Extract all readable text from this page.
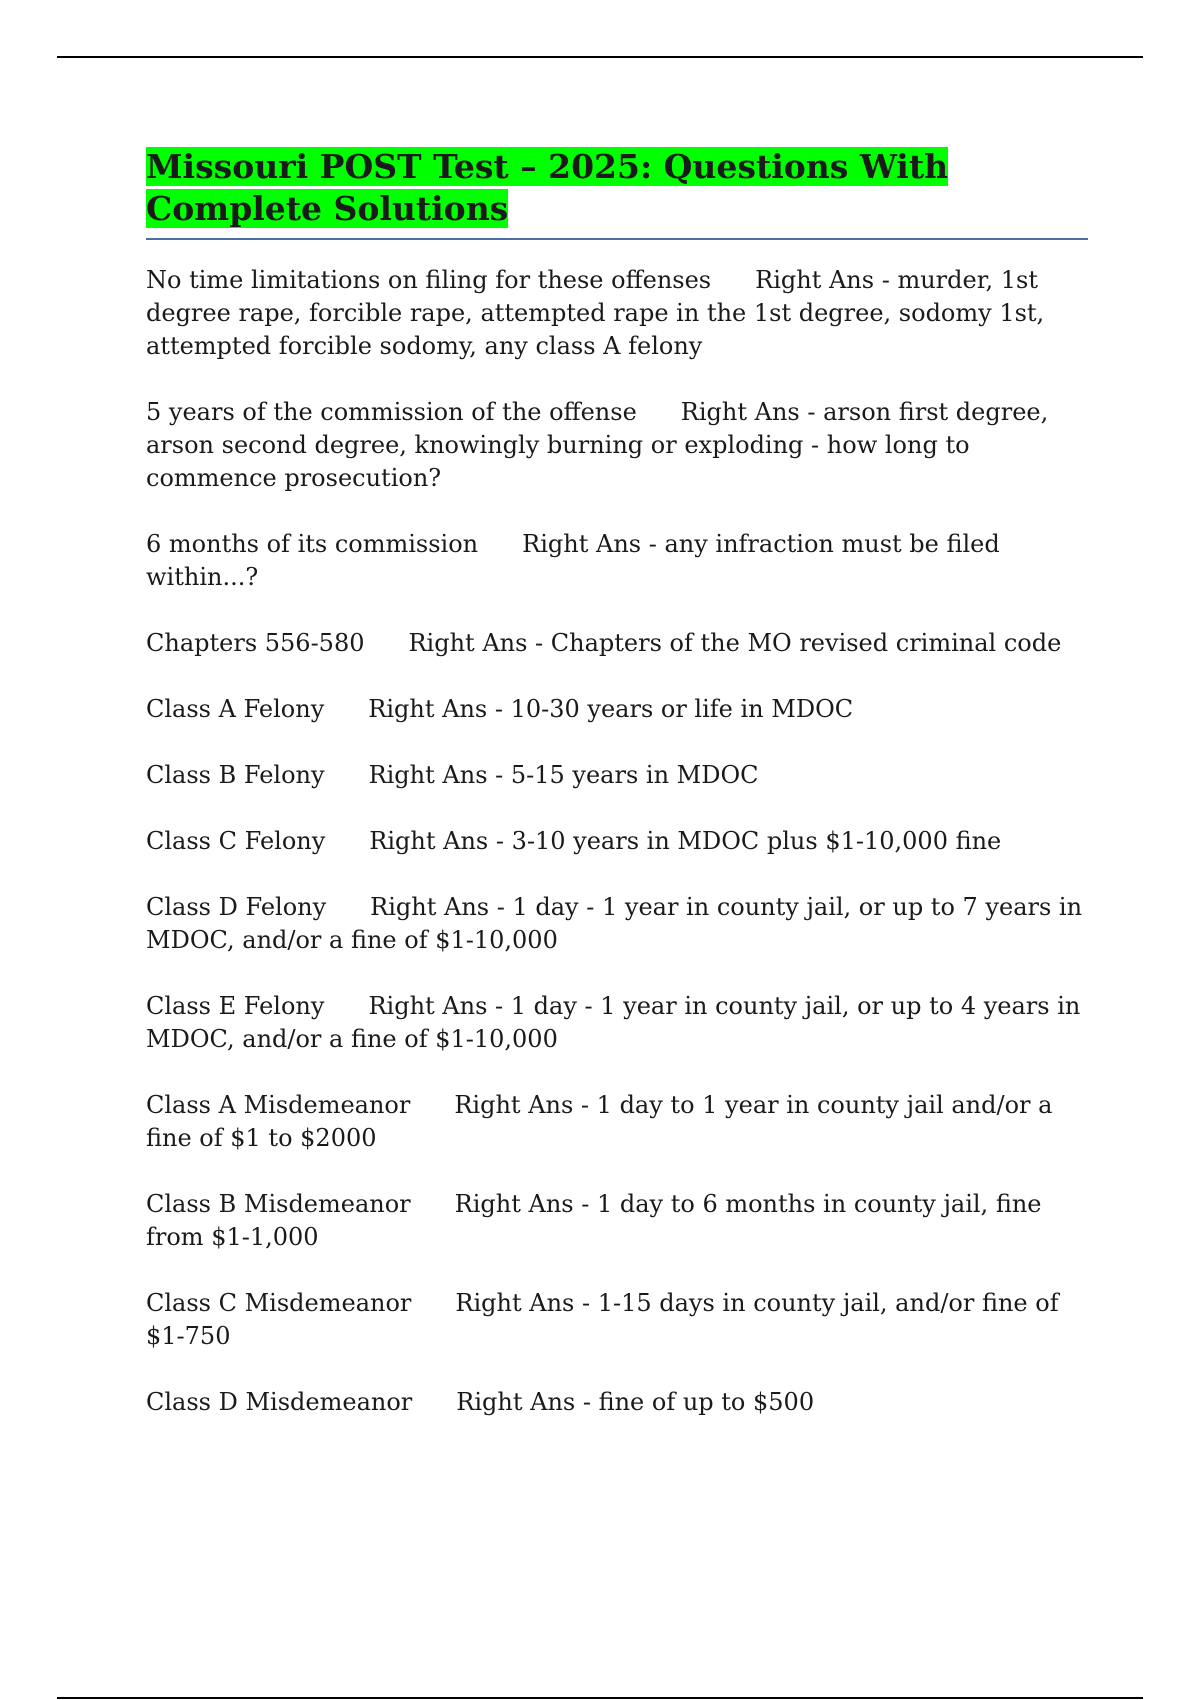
Missouri POST Test – 2025: Questions With Complete Solutions

No time limitations on filing for these offenses Right Ans - murder, 1st degree rape, forcible rape, attempted rape in the 1st degree, sodomy 1st, attempted forcible sodomy, any class A felony

5 years of the commission of the offense Right Ans - arson first degree, arson second degree, knowingly burning or exploding - how long to commence prosecution?

6 months of its commission Right Ans - any infraction must be filed within...?

Chapters 556-580 Right Ans - Chapters of the MO revised criminal code

Class A Felony Right Ans - 10-30 years or life in MDOC

Class B Felony Right Ans - 5-15 years in MDOC

Class C Felony Right Ans - 3-10 years in MDOC plus $1-10,000 fine

Class D Felony Right Ans - 1 day - 1 year in county jail, or up to 7 years in MDOC, and/or a fine of $1-10,000

Class E Felony Right Ans - 1 day - 1 year in county jail, or up to 4 years in MDOC, and/or a fine of $1-10,000

Class A Misdemeanor Right Ans - 1 day to 1 year in county jail and/or a fine of $1 to $2000

Class B Misdemeanor Right Ans - 1 day to 6 months in county jail, fine from $1-1,000

Class C Misdemeanor Right Ans - 1-15 days in county jail, and/or fine of $1-750

Class D Misdemeanor Right Ans - fine of up to $500
